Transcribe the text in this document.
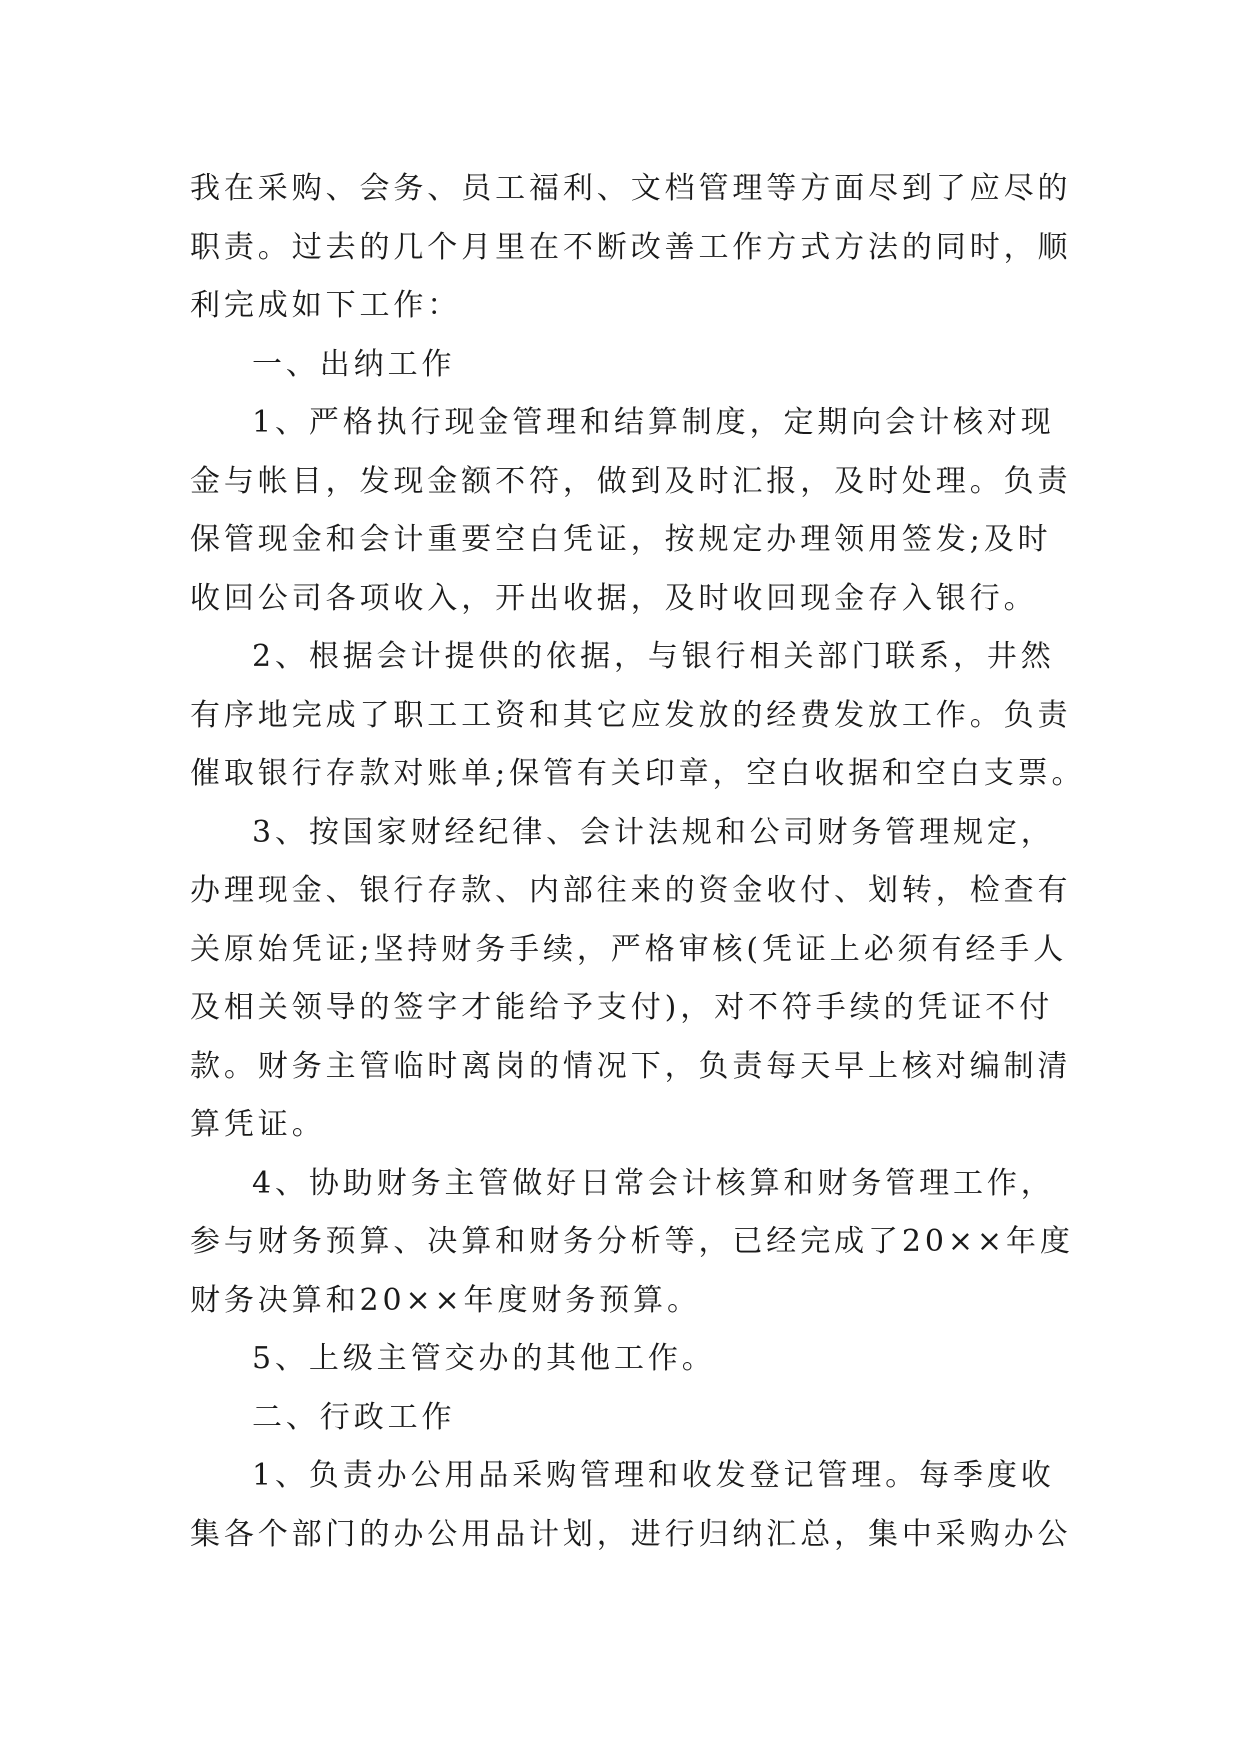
我在采购、会务、员工福利、文档管理等方面尽到了应尽的
职责。过去的几个月里在不断改善工作方式方法的同时，顺
利完成如下工作：
一、出纳工作
1、严格执行现金管理和结算制度，定期向会计核对现
金与帐目，发现金额不符，做到及时汇报，及时处理。负责
保管现金和会计重要空白凭证，按规定办理领用签发;及时
收回公司各项收入，开出收据，及时收回现金存入银行。
2、根据会计提供的依据，与银行相关部门联系，井然
有序地完成了职工工资和其它应发放的经费发放工作。负责
催取银行存款对账单;保管有关印章，空白收据和空白支票。
3、按国家财经纪律、会计法规和公司财务管理规定，
办理现金、银行存款、内部往来的资金收付、划转，检查有
关原始凭证;坚持财务手续，严格审核(凭证上必须有经手人
及相关领导的签字才能给予支付)，对不符手续的凭证不付
款。财务主管临时离岗的情况下，负责每天早上核对编制清
算凭证。
4、协助财务主管做好日常会计核算和财务管理工作，
参与财务预算、决算和财务分析等，已经完成了20××年度
财务决算和20××年度财务预算。
5、上级主管交办的其他工作。
二、行政工作
1、负责办公用品采购管理和收发登记管理。每季度收
集各个部门的办公用品计划，进行归纳汇总，集中采购办公
